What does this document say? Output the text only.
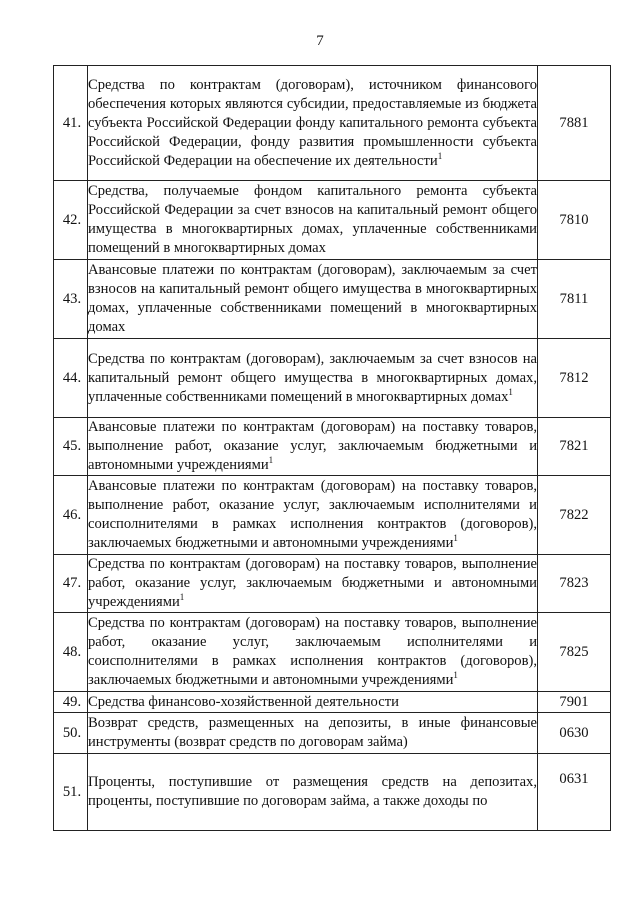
7
41.	Средства по контрактам (договорам), источником финансового обеспечения которых являются субсидии, предоставляемые из бюджета субъекта Российской Федерации фонду капитального ремонта субъекта Российской Федерации, фонду развития промышленности субъекта Российской Федерации на обеспечение их деятельности$^1$	7881
42.	Средства, получаемые фондом капитального ремонта субъекта Российской Федерации за счет взносов на капитальный ремонт общего имущества в многоквартирных домах, уплаченные собственниками помещений в многоквартирных домах	7810
43.	Авансовые платежи по контрактам (договорам), заключаемым за счет взносов на капитальный ремонт общего имущества в многоквартирных домах, уплаченные собственниками помещений в многоквартирных домах	7811
44.	Средства по контрактам (договорам), заключаемым за счет взносов на капитальный ремонт общего имущества в многоквартирных домах, уплаченные собственниками помещений в многоквартирных домах$^1$	7812
45.	Авансовые платежи по контрактам (договорам) на поставку товаров, выполнение работ, оказание услуг, заключаемым бюджетными и автономными учреждениями$^1$	7821
46.	Авансовые платежи по контрактам (договорам) на поставку товаров, выполнение работ, оказание услуг, заключаемым исполнителями и соисполнителями в рамках исполнения контрактов (договоров), заключаемых бюджетными и автономными учреждениями$^1$	7822
47.	Средства по контрактам (договорам) на поставку товаров, выполнение работ, оказание услуг, заключаемым бюджетными и автономными учреждениями$^1$	7823
48.	Средства по контрактам (договорам) на поставку товаров, выполнение работ, оказание услуг, заключаемым исполнителями и соисполнителями в рамках исполнения контрактов (договоров), заключаемых бюджетными и автономными учреждениями$^1$	7825
49.	Средства финансово-хозяйственной деятельности	7901
50.	Возврат средств, размещенных на депозиты, в иные финансовые инструменты (возврат средств по договорам займа)	0630
51.	Проценты, поступившие от размещения средств на депозитах, проценты, поступившие по договорам займа, а также доходы по	0631
